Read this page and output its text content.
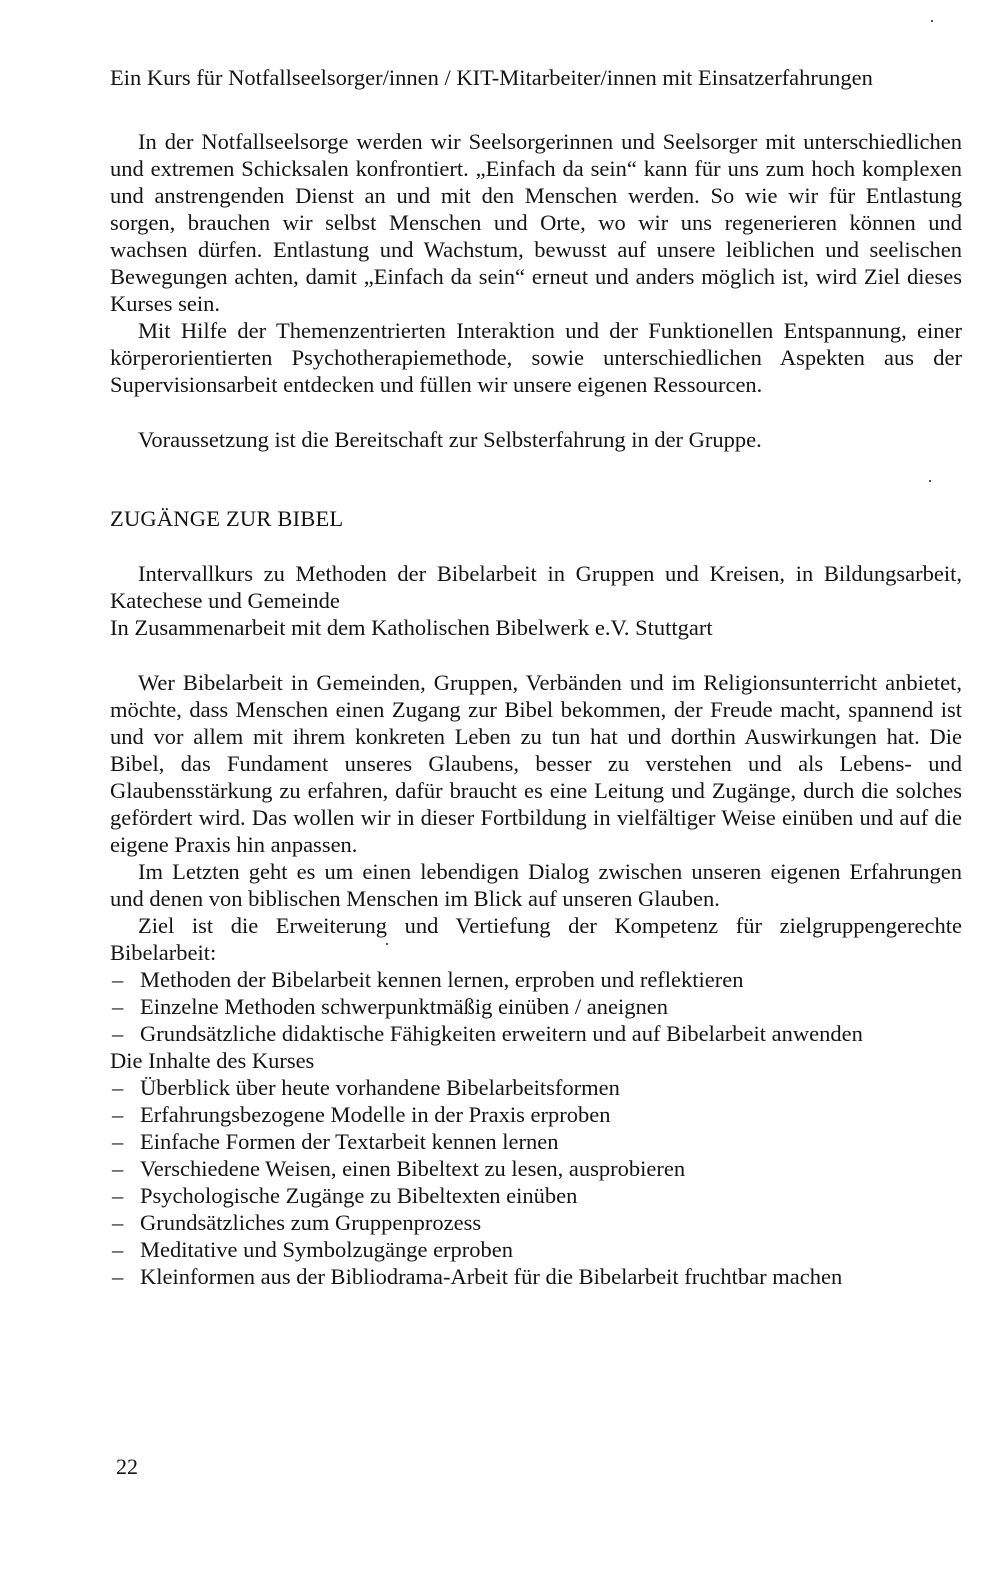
Ein Kurs für Notfallseelsorger/innen / KIT-Mitarbeiter/innen mit Einsatzerfahrungen

In der Notfallseelsorge werden wir Seelsorgerinnen und Seelsorger mit unterschiedlichen und extremen Schicksalen konfrontiert. „Einfach da sein“ kann für uns zum hoch komplexen und anstrengenden Dienst an und mit den Menschen werden. So wie wir für Entlastung sorgen, brauchen wir selbst Menschen und Orte, wo wir uns regenerieren können und wachsen dürfen. Entlastung und Wachstum, bewusst auf unsere leiblichen und seelischen Bewegungen achten, damit „Einfach da sein“ erneut und anders möglich ist, wird Ziel dieses Kurses sein.

Mit Hilfe der Themenzentrierten Interaktion und der Funktionellen Entspannung, einer körperorientierten Psychotherapiemethode, sowie unterschiedlichen Aspekten aus der Supervisionsarbeit entdecken und füllen wir unsere eigenen Ressourcen.

Voraussetzung ist die Bereitschaft zur Selbsterfahrung in der Gruppe.

ZUGÄNGE ZUR BIBEL

Intervallkurs zu Methoden der Bibelarbeit in Gruppen und Kreisen, in Bildungsarbeit, Katechese und Gemeinde

In Zusammenarbeit mit dem Katholischen Bibelwerk e.V. Stuttgart

Wer Bibelarbeit in Gemeinden, Gruppen, Verbänden und im Religionsunterricht anbietet, möchte, dass Menschen einen Zugang zur Bibel bekommen, der Freude macht, spannend ist und vor allem mit ihrem konkreten Leben zu tun hat und dorthin Auswirkungen hat. Die Bibel, das Fundament unseres Glaubens, besser zu verstehen und als Lebens- und Glaubensstärkung zu erfahren, dafür braucht es eine Leitung und Zugänge, durch die solches gefördert wird. Das wollen wir in dieser Fortbildung in vielfältiger Weise einüben und auf die eigene Praxis hin anpassen.

Im Letzten geht es um einen lebendigen Dialog zwischen unseren eigenen Erfahrungen und denen von biblischen Menschen im Blick auf unseren Glauben.

Ziel ist die Erweiterung und Vertiefung der Kompetenz für zielgruppengerechte Bibelarbeit:

– Methoden der Bibelarbeit kennen lernen, erproben und reflektieren
– Einzelne Methoden schwerpunktmäßig einüben / aneignen
– Grundsätzliche didaktische Fähigkeiten erweitern und auf Bibelarbeit anwenden

Die Inhalte des Kurses

– Überblick über heute vorhandene Bibelarbeitsformen
– Erfahrungsbezogene Modelle in der Praxis erproben
– Einfache Formen der Textarbeit kennen lernen
– Verschiedene Weisen, einen Bibeltext zu lesen, ausprobieren
– Psychologische Zugänge zu Bibeltexten einüben
– Grundsätzliches zum Gruppenprozess
– Meditative und Symbolzugänge erproben
– Kleinformen aus der Bibliodrama-Arbeit für die Bibelarbeit fruchtbar machen
22
